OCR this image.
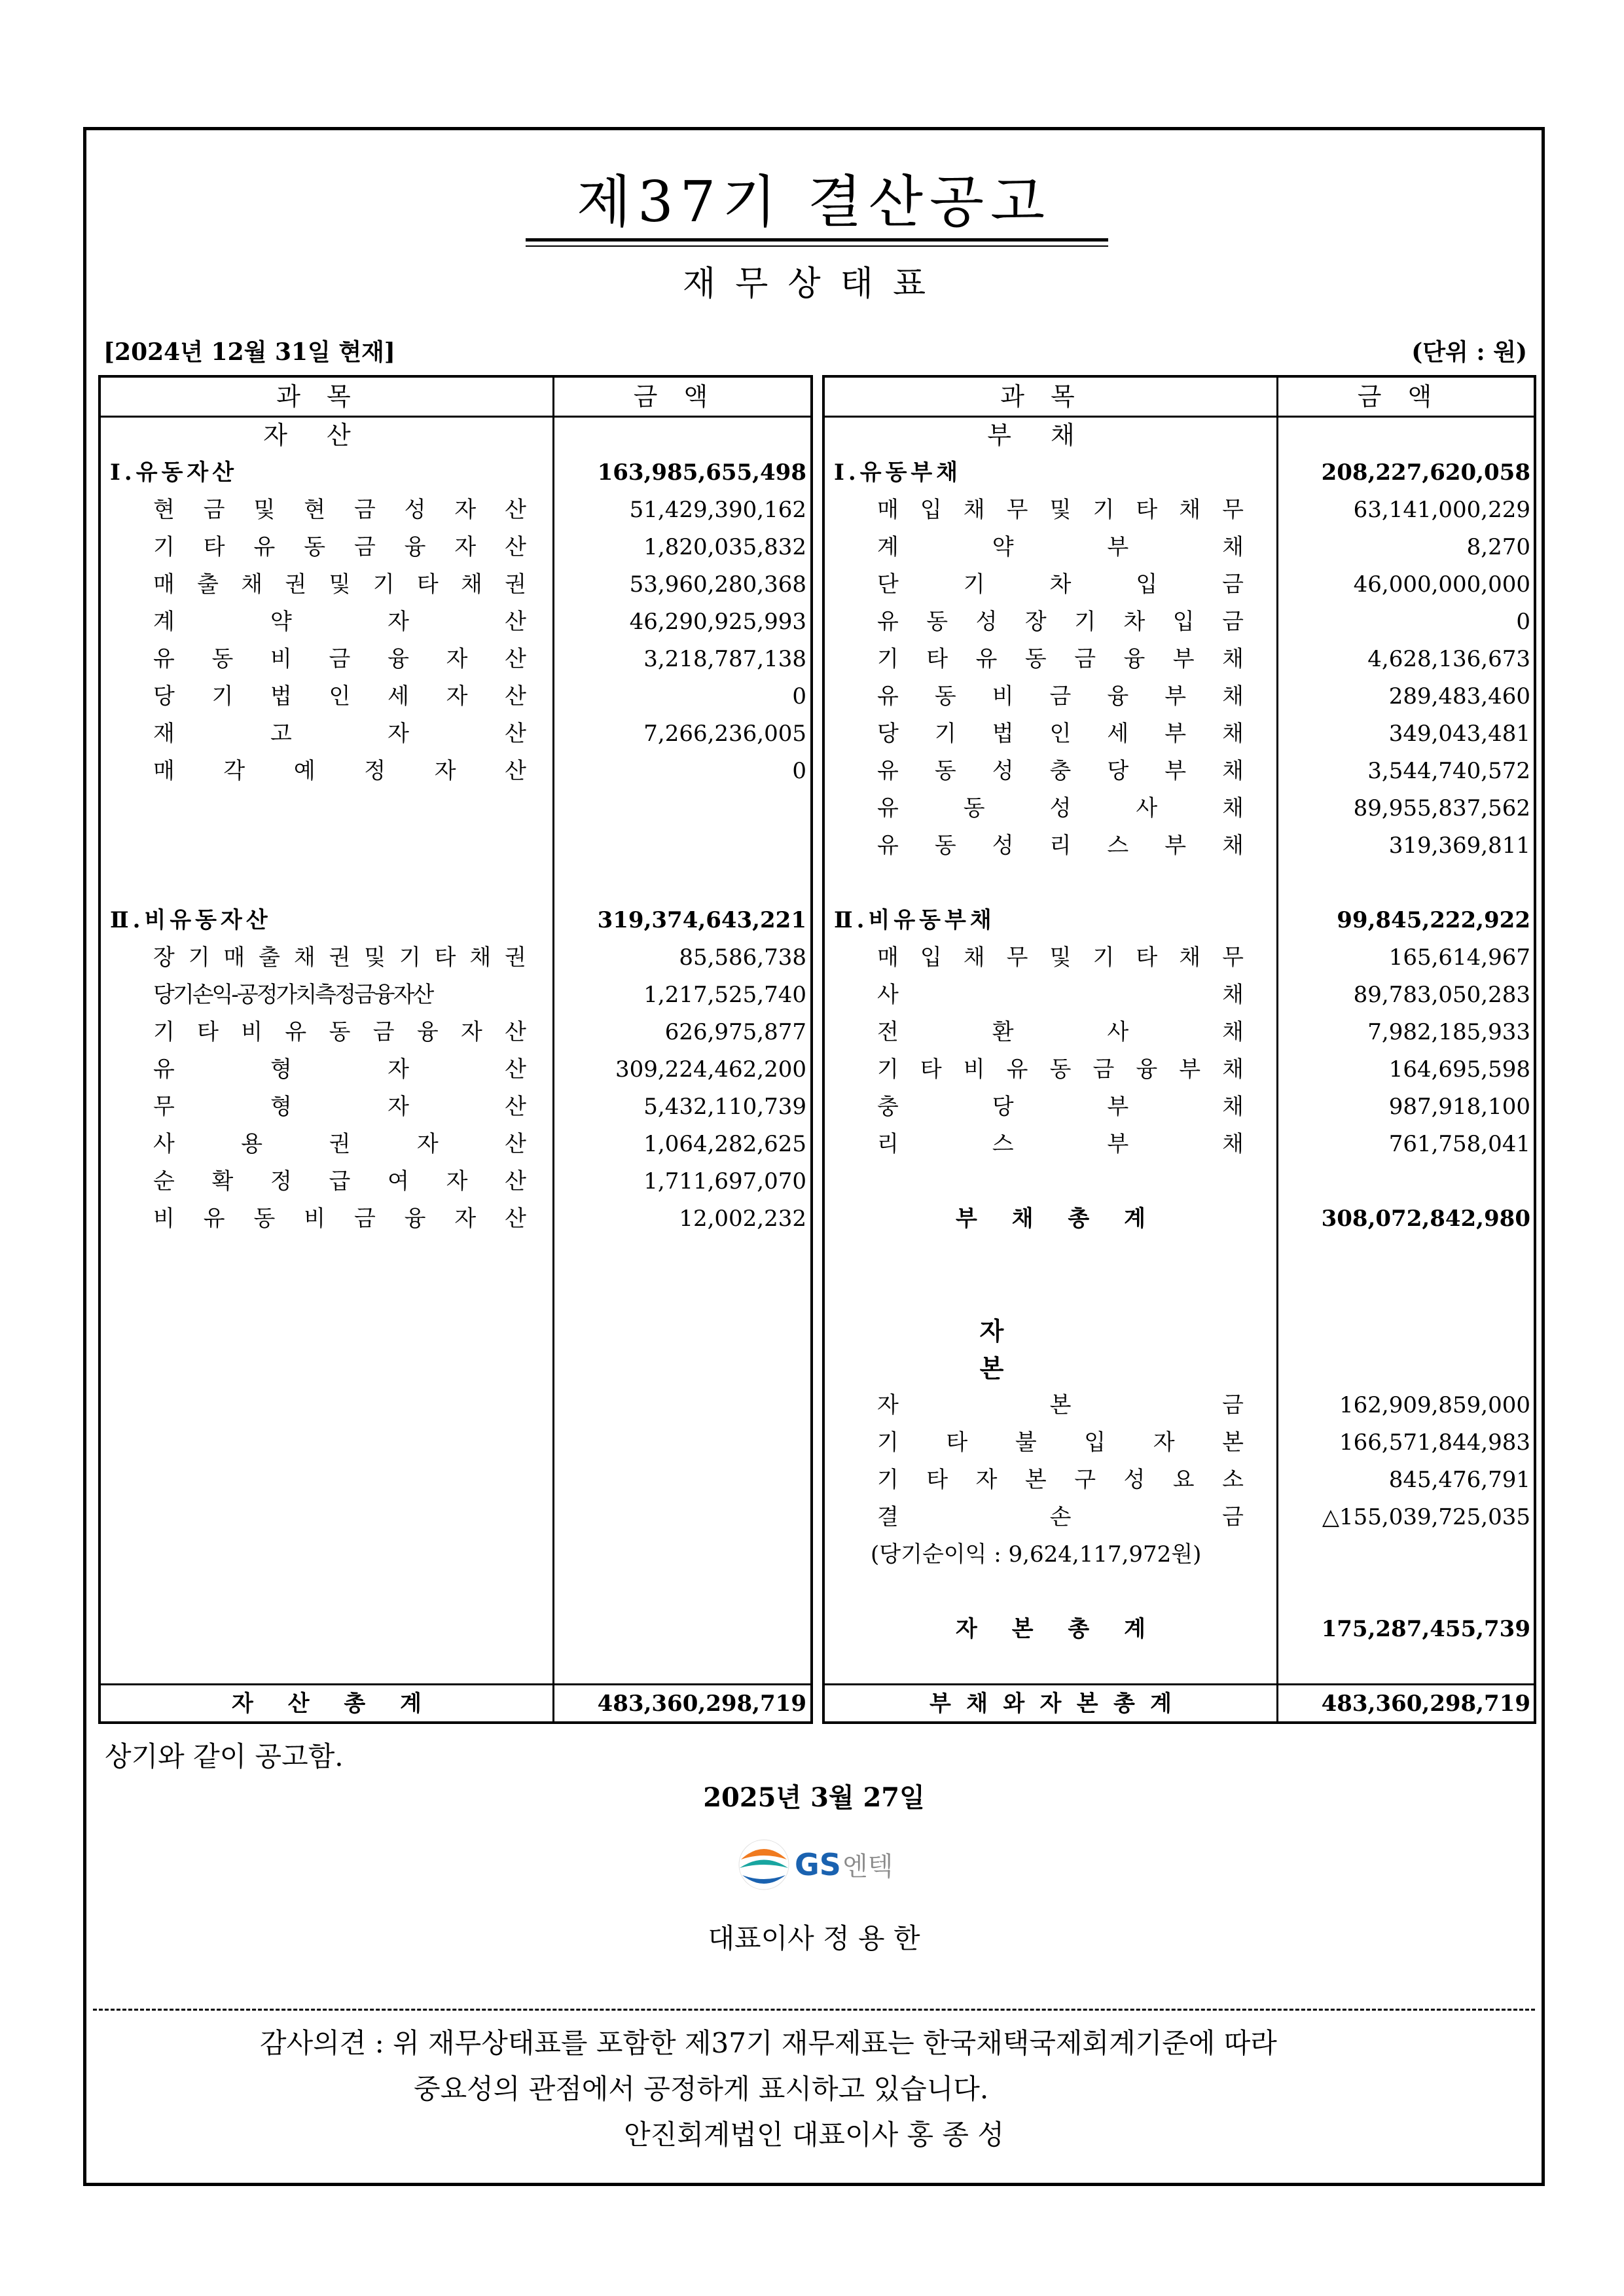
제37기 결산공고
재무상태표
[2024년 12월 31일 현재]	(단위 : 원)
과목	금액
자산
Ⅰ.유동자산	163,985,655,498
현 금 및 현 금 성 자 산	51,429,390,162
기 타 유 동 금 융 자 산	1,820,035,832
매 출 채 권 및 기 타 채 권	53,960,280,368
계	약	자	산	46,290,925,993
유 동 비 금 융 자 산	3,218,787,138
당 기 법 인 세 자 산	0
재	고	자	산	7,266,236,005
매 각 예 정 자 산	0
Ⅱ.비유동자산	319,374,643,221
장 기 매 출 채 권 및 기 타 채 권	85,586,738
당기손익-공정가치측정금융자산	1,217,525,740
기 타 비 유 동 금 융 자 산	626,975,877
유	형	자	산	309,224,462,200
무	형	자	산	5,432,110,739
사	용	권	자	산	1,064,282,625
순 확 정 급 여 자 산	1,711,697,070
비 유 동 비 금 융 자 산	12,002,232
자 산 총 계	483,360,298,719
과목	금액
부채
Ⅰ.유동부채	208,227,620,058
매 입 채 무 및 기 타 채 무	63,141,000,229
계	약	부	채	8,270
단	기	차	입	금	46,000,000,000
유 동 성 장 기 차 입 금	0
기 타 유 동 금 융 부 채	4,628,136,673
유 동 비 금 융 부 채	289,483,460
당 기 법 인 세 부 채	349,043,481
유 동 성 충 당 부 채	3,544,740,572
유	동	성	사	채	89,955,837,562
유 동 성 리 스 부 채	319,369,811
Ⅱ.비유동부채	99,845,222,922
매 입 채 무 및 기 타 채 무	165,614,967
사	채	89,783,050,283
전	환	사	채	7,982,185,933
기 타 비 유 동 금 융 부 채	164,695,598
충	당	부	채	987,918,100
리	스	부	채	761,758,041
부 채 총 계	308,072,842,980
자본
자	본	금	162,909,859,000
기 타 불 입 자 본	166,571,844,983
기 타 자 본 구 성 요 소	845,476,791
결	손	금	△155,039,725,035
(당기순이익 : 9,624,117,972원)
자 본 총 계	175,287,455,739
부 채 와 자 본 총 계	483,360,298,719
상기와 같이 공고함.
2025년 3월 27일
GS 엔텍
대표이사 정 용 한
감사의견 : 위 재무상태표를 포함한 제37기 재무제표는 한국채택국제회계기준에 따라
중요성의 관점에서 공정하게 표시하고 있습니다.
안진회계법인 대표이사 홍 종 성
